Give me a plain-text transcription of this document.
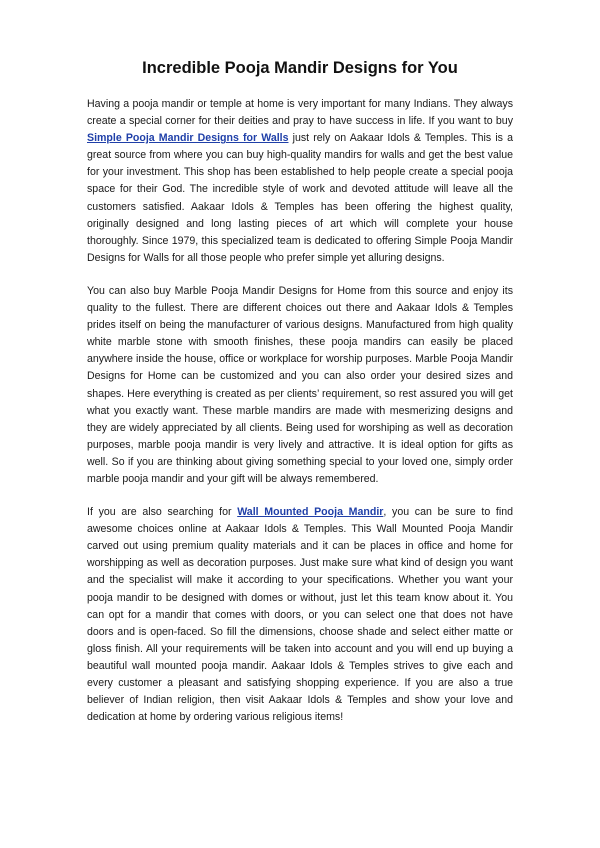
Incredible Pooja Mandir Designs for You

Having a pooja mandir or temple at home is very important for many Indians. They always create a special corner for their deities and pray to have success in life. If you want to buy Simple Pooja Mandir Designs for Walls just rely on Aakaar Idols & Temples. This is a great source from where you can buy high-quality mandirs for walls and get the best value for your investment. This shop has been established to help people create a special pooja space for their God. The incredible style of work and devoted attitude will leave all the customers satisfied. Aakaar Idols & Temples has been offering the highest quality, originally designed and long lasting pieces of art which will complete your house thoroughly. Since 1979, this specialized team is dedicated to offering Simple Pooja Mandir Designs for Walls for all those people who prefer simple yet alluring designs.

You can also buy Marble Pooja Mandir Designs for Home from this source and enjoy its quality to the fullest. There are different choices out there and Aakaar Idols & Temples prides itself on being the manufacturer of various designs. Manufactured from high quality white marble stone with smooth finishes, these pooja mandirs can easily be placed anywhere inside the house, office or workplace for worship purposes. Marble Pooja Mandir Designs for Home can be customized and you can also order your desired sizes and shapes. Here everything is created as per clients’ requirement, so rest assured you will get what you exactly want. These marble mandirs are made with mesmerizing designs and they are widely appreciated by all clients. Being used for worshiping as well as decoration purposes, marble pooja mandir is very lively and attractive. It is ideal option for gifts as well. So if you are thinking about giving something special to your loved one, simply order marble pooja mandir and your gift will be always remembered.

If you are also searching for Wall Mounted Pooja Mandir, you can be sure to find awesome choices online at Aakaar Idols & Temples. This Wall Mounted Pooja Mandir carved out using premium quality materials and it can be places in office and home for worshipping as well as decoration purposes. Just make sure what kind of design you want and the specialist will make it according to your specifications. Whether you want your pooja mandir to be designed with domes or without, just let this team know about it. You can opt for a mandir that comes with doors, or you can select one that does not have doors and is open-faced. So fill the dimensions, choose shade and select either matte or gloss finish. All your requirements will be taken into account and you will end up buying a beautiful wall mounted pooja mandir. Aakaar Idols & Temples strives to give each and every customer a pleasant and satisfying shopping experience. If you are also a true believer of Indian religion, then visit Aakaar Idols & Temples and show your love and dedication at home by ordering various religious items!
